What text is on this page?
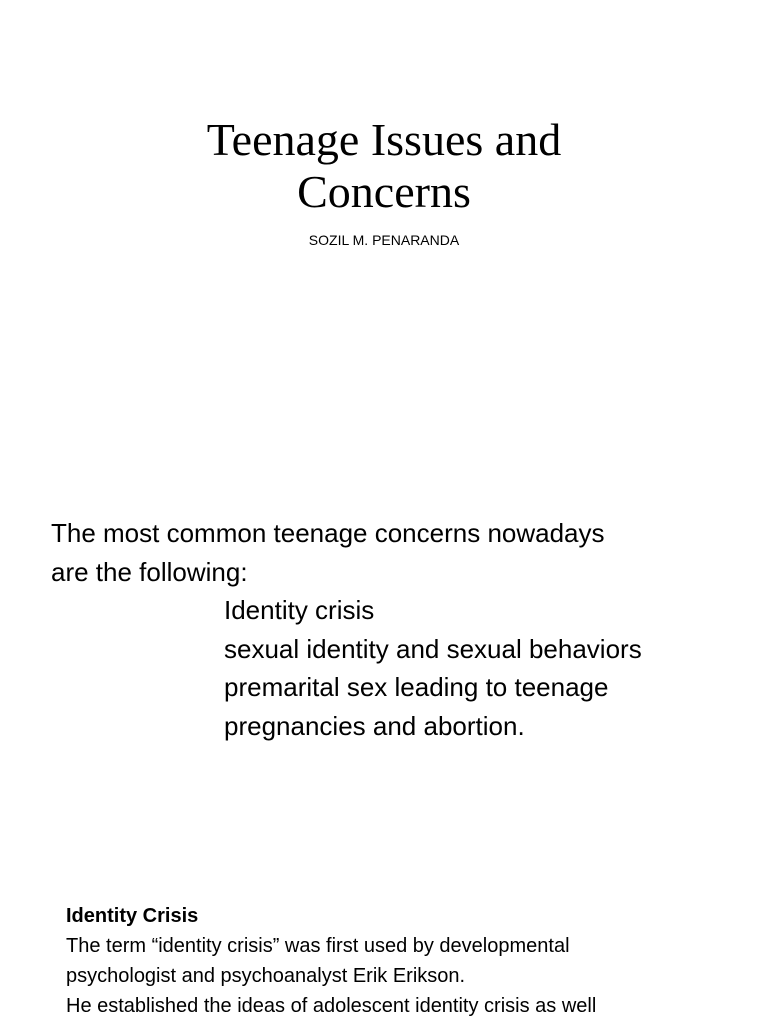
Teenage Issues and
Concerns
SOZIL M. PENARANDA

The most common teenage concerns nowadays
are the following:

Identity crisis
sexual identity and sexual behaviors
premarital sex leading to teenage
pregnancies and abortion.
Identity Crisis

The term “identity crisis” was first used by developmental
psychologist and psychoanalyst Erik Erikson.
He established the ideas of adolescent identity crisis as well
